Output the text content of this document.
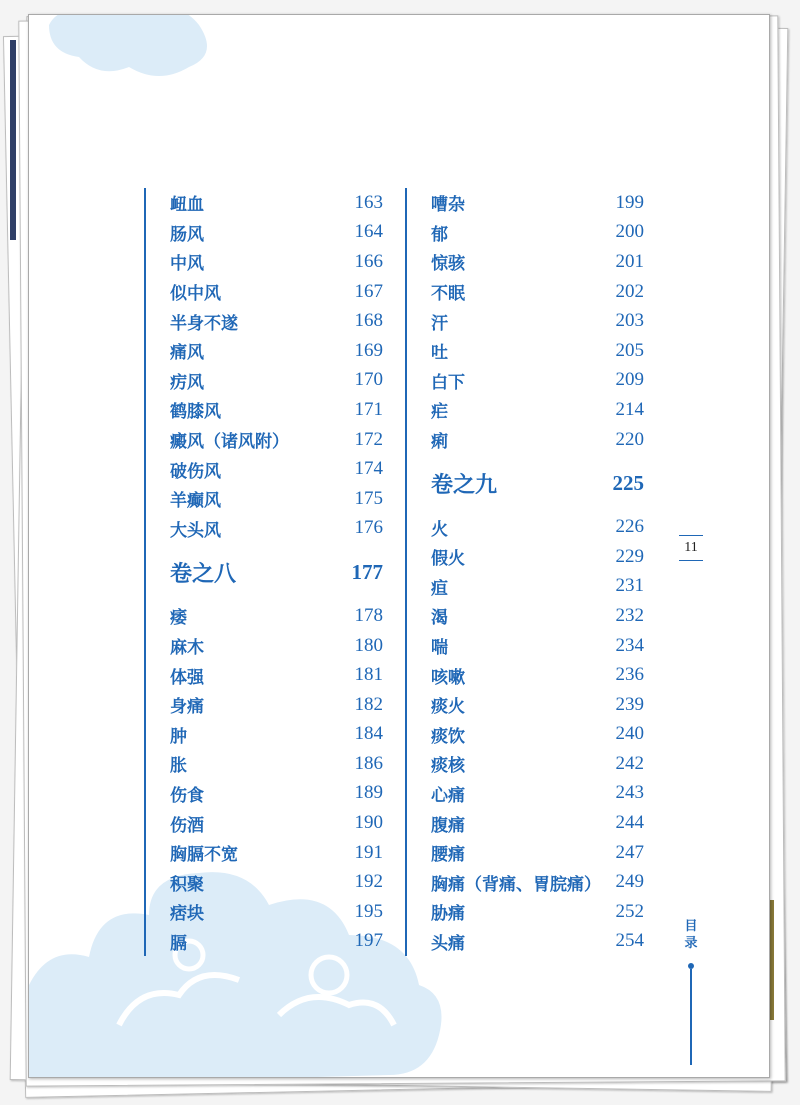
衄血	163
肠风	164
中风	166
似中风	167
半身不遂	168
痛风	169
疠风	170
鹤膝风	171
癜风（诸风附）	172
破伤风	174
羊癫风	175
大头风	176
卷之八	177
痿	178
麻木	180
体强	181
身痛	182
肿	184
胀	186
伤食	189
伤酒	190
胸膈不宽	191
积聚	192
痞块	195
膈	197
嘈杂	199
郁	200
惊骇	201
不眠	202
汗	203
吐	205
白下	209
疟	214
痢	220
卷之九	225
火	226
假火	229
疸	231
渴	232
喘	234
咳嗽	236
痰火	239
痰饮	240
痰核	242
心痛	243
腹痛	244
腰痛	247
胸痛（背痛、胃脘痛） 249
胁痛	252
头痛	254
11
目
录
